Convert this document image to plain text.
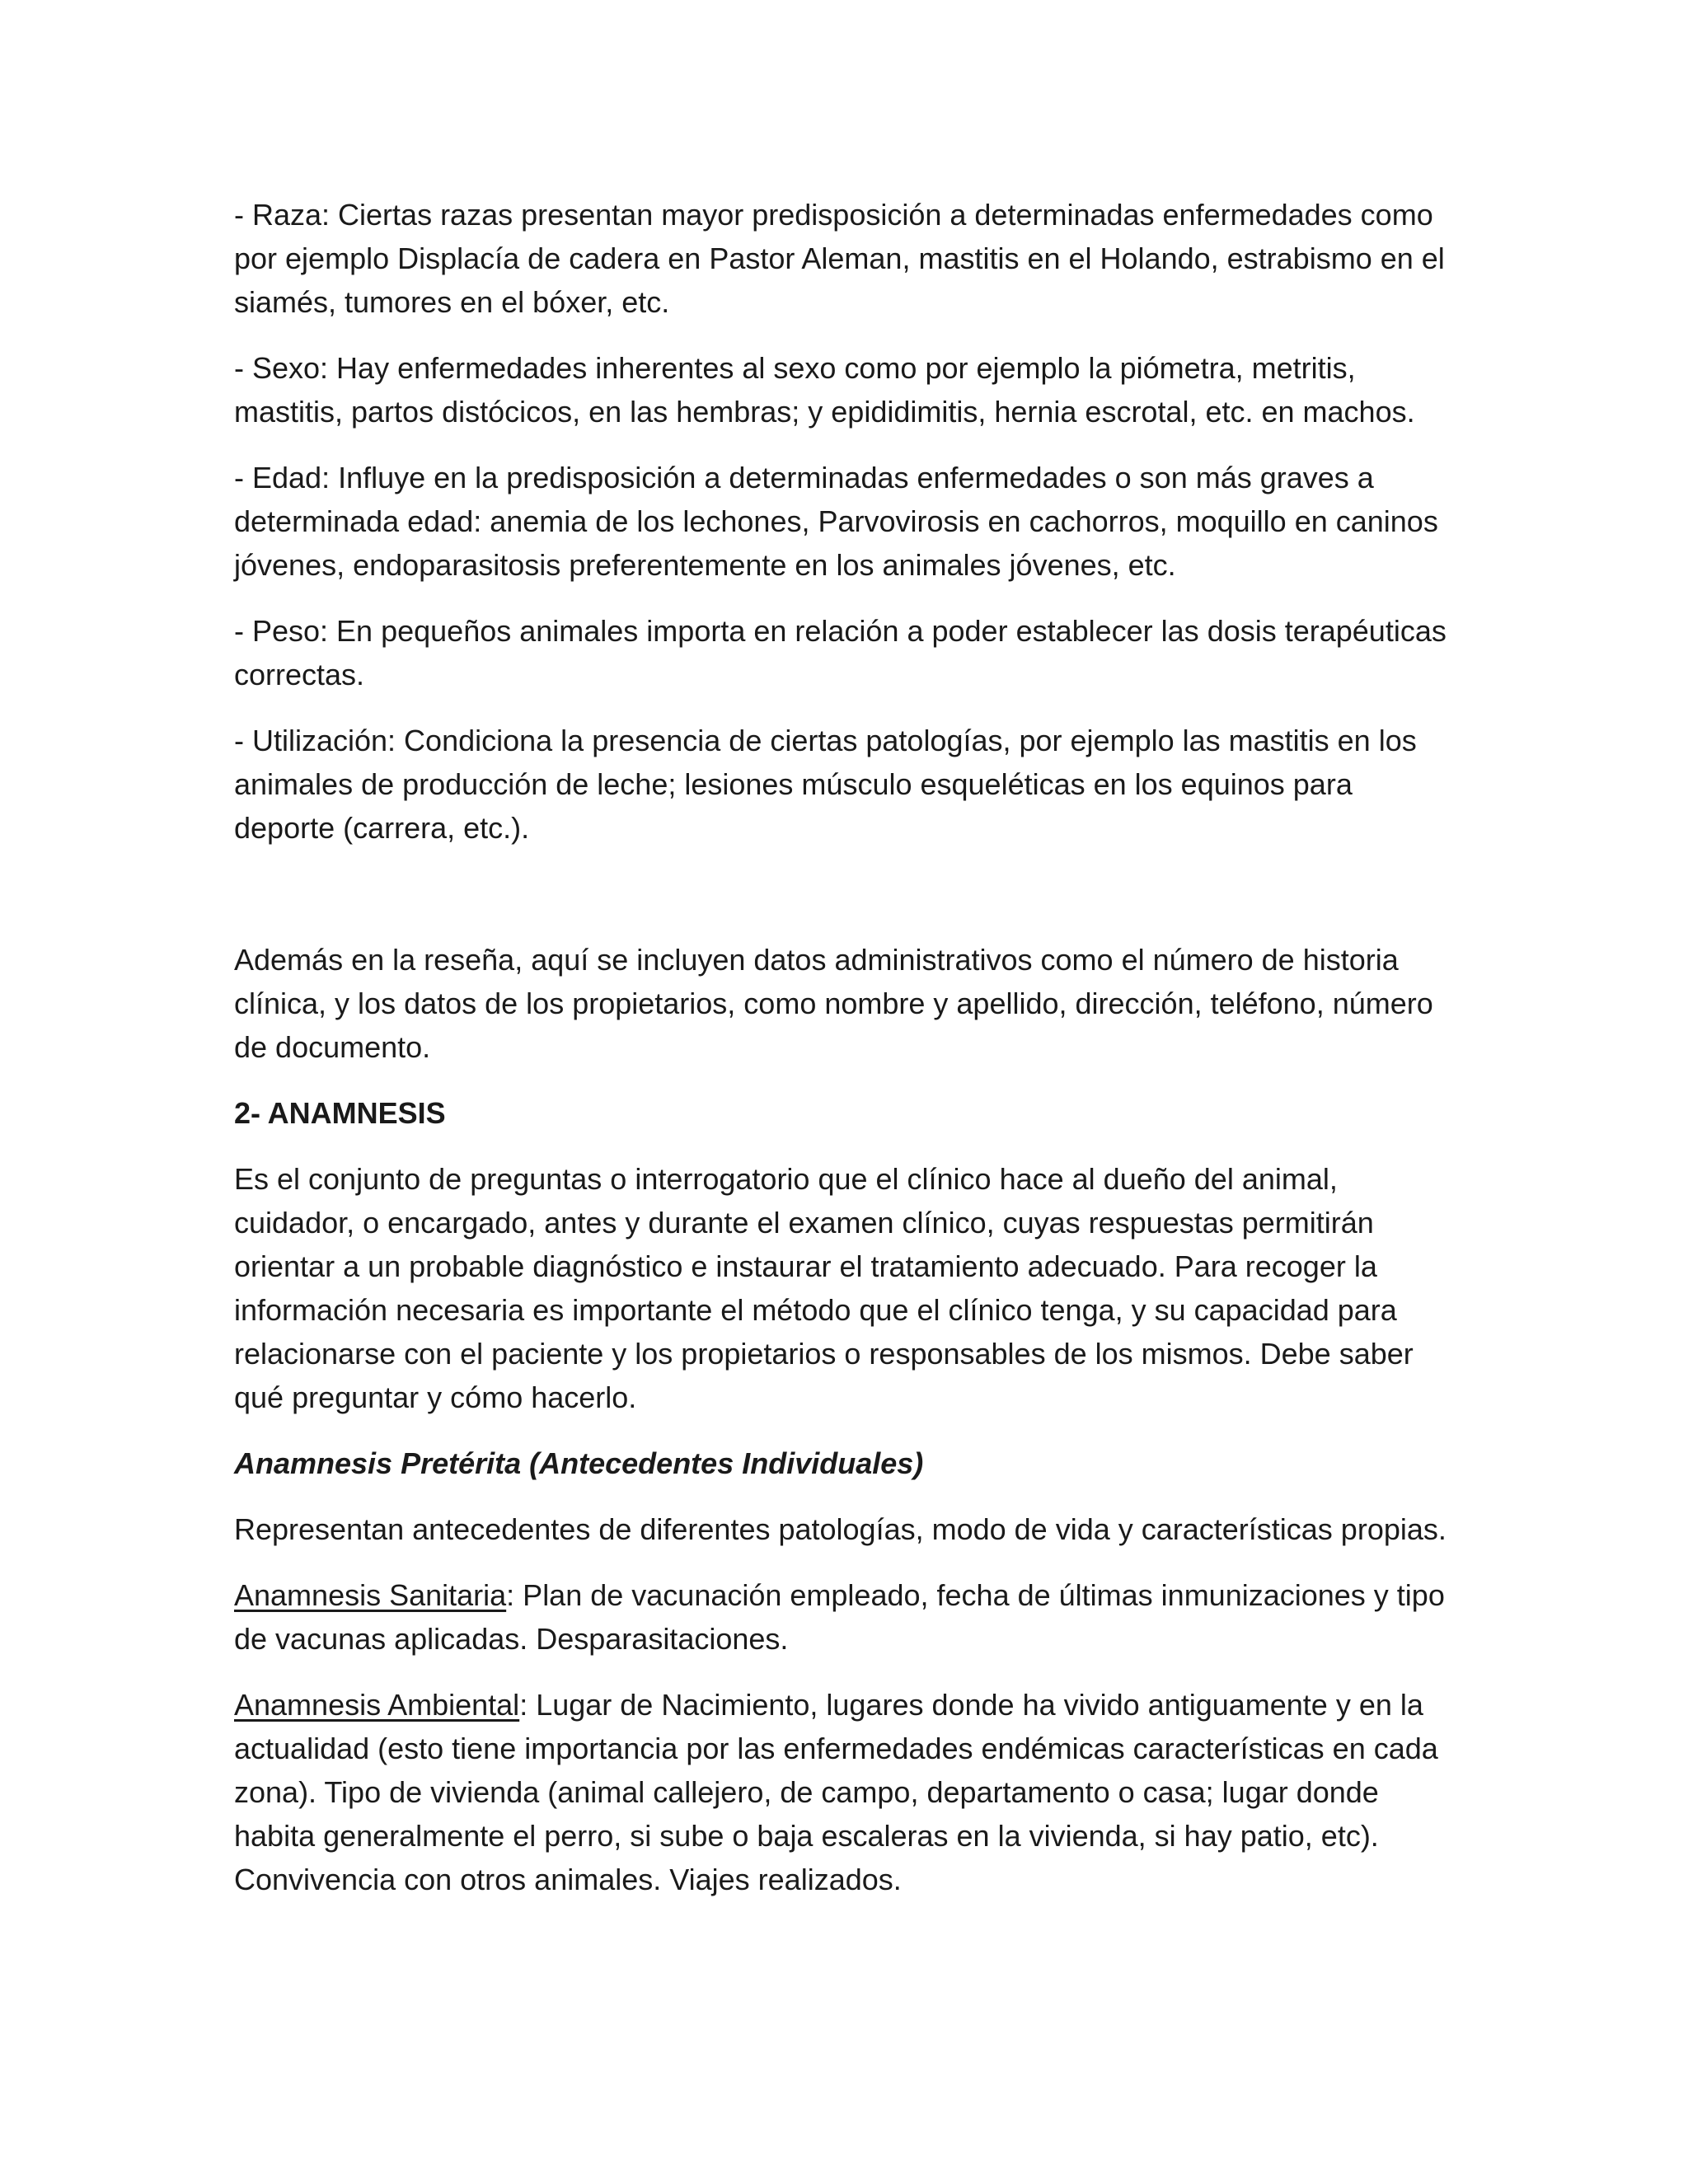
- Raza: Ciertas razas presentan mayor predisposición a determinadas enfermedades como por ejemplo Displacía de cadera en Pastor Aleman, mastitis en el Holando, estrabismo en el siamés, tumores en el bóxer, etc.

- Sexo: Hay enfermedades inherentes al sexo como por ejemplo la piómetra, metritis, mastitis, partos distócicos, en las hembras; y epididimitis, hernia escrotal, etc. en machos.

- Edad: Influye en la predisposición a determinadas enfermedades o son más graves a determinada edad: anemia de los lechones, Parvovirosis en cachorros, moquillo en caninos jóvenes, endoparasitosis preferentemente en los animales jóvenes, etc.

- Peso: En pequeños animales importa en relación a poder establecer las dosis terapéuticas correctas.

- Utilización: Condiciona la presencia de ciertas patologías, por ejemplo las mastitis en los animales de producción de leche; lesiones músculo esqueléticas en los equinos para deporte (carrera, etc.).

Además en la reseña, aquí se incluyen datos administrativos como el número de historia clínica, y los datos de los propietarios, como nombre y apellido, dirección, teléfono, número de documento.

2- ANAMNESIS

Es el conjunto de preguntas o interrogatorio que el clínico hace al dueño del animal, cuidador, o encargado, antes y durante el examen clínico, cuyas respuestas permitirán orientar a un probable diagnóstico e instaurar el tratamiento adecuado. Para recoger la información necesaria es importante el método que el clínico tenga, y su capacidad para relacionarse con el paciente y los propietarios o responsables de los mismos. Debe saber qué preguntar y cómo hacerlo.

Anamnesis Pretérita (Antecedentes Individuales)

Representan antecedentes de diferentes patologías, modo de vida y características propias.

Anamnesis Sanitaria: Plan de vacunación empleado, fecha de últimas inmunizaciones y tipo de vacunas aplicadas. Desparasitaciones.

Anamnesis Ambiental: Lugar de Nacimiento, lugares donde ha vivido antiguamente y en la actualidad (esto tiene importancia por las enfermedades endémicas características en cada zona). Tipo de vivienda (animal callejero, de campo, departamento o casa; lugar donde habita generalmente el perro, si sube o baja escaleras en la vivienda, si hay patio, etc). Convivencia con otros animales. Viajes realizados.
